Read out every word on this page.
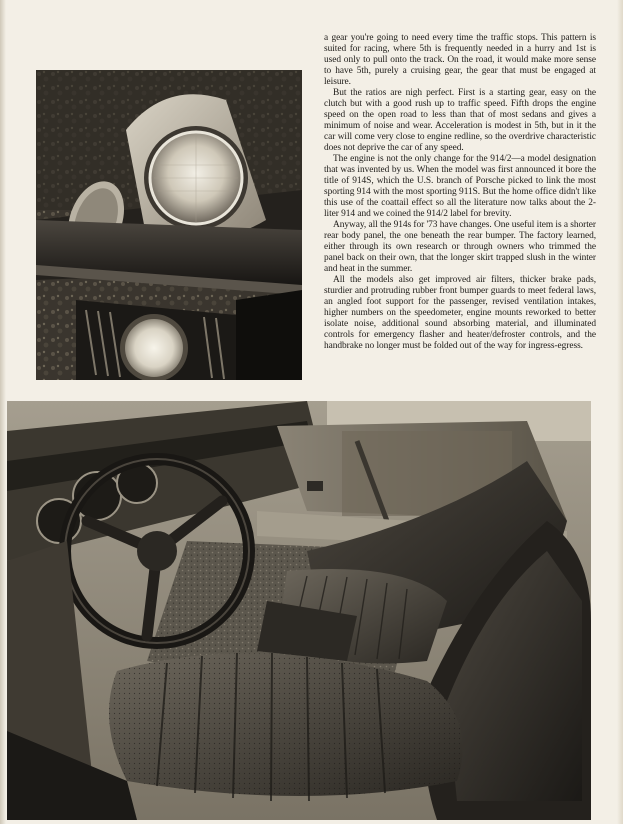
a gear you're going to need every time the traffic stops. This pattern is suited for racing, where 5th is frequently needed in a hurry and 1st is used only to pull onto the track. On the road, it would make more sense to have 5th, purely a cruising gear, the gear that must be engaged at leisure.

But the ratios are nigh perfect. First is a starting gear, easy on the clutch but with a good rush up to traffic speed. Fifth drops the engine speed on the open road to less than that of most sedans and gives a minimum of noise and wear. Acceleration is modest in 5th, but in it the car will come very close to engine redline, so the overdrive characteristic does not deprive the car of any speed.

The engine is not the only change for the 914/2—a model designation that was invented by us. When the model was first announced it bore the title of 914S, which the U.S. branch of Porsche picked to link the most sporting 914 with the most sporting 911S. But the home office didn't like this use of the coattail effect so all the literature now talks about the 2-liter 914 and we coined the 914/2 label for brevity.

Anyway, all the 914s for '73 have changes. One useful item is a shorter rear body panel, the one beneath the rear bumper. The factory learned, either through its own research or through owners who trimmed the panel back on their own, that the longer skirt trapped slush in the winter and heat in the summer.

All the models also get improved air filters, thicker brake pads, sturdier and protruding rubber front bumper guards to meet federal laws, an angled foot support for the passenger, revised ventilation intakes, higher numbers on the speedometer, engine mounts reworked to better isolate noise, additional sound absorbing material, and illuminated controls for emergency flasher and heater/defroster controls, and the handbrake no longer must be folded out of the way for ingress-egress.
